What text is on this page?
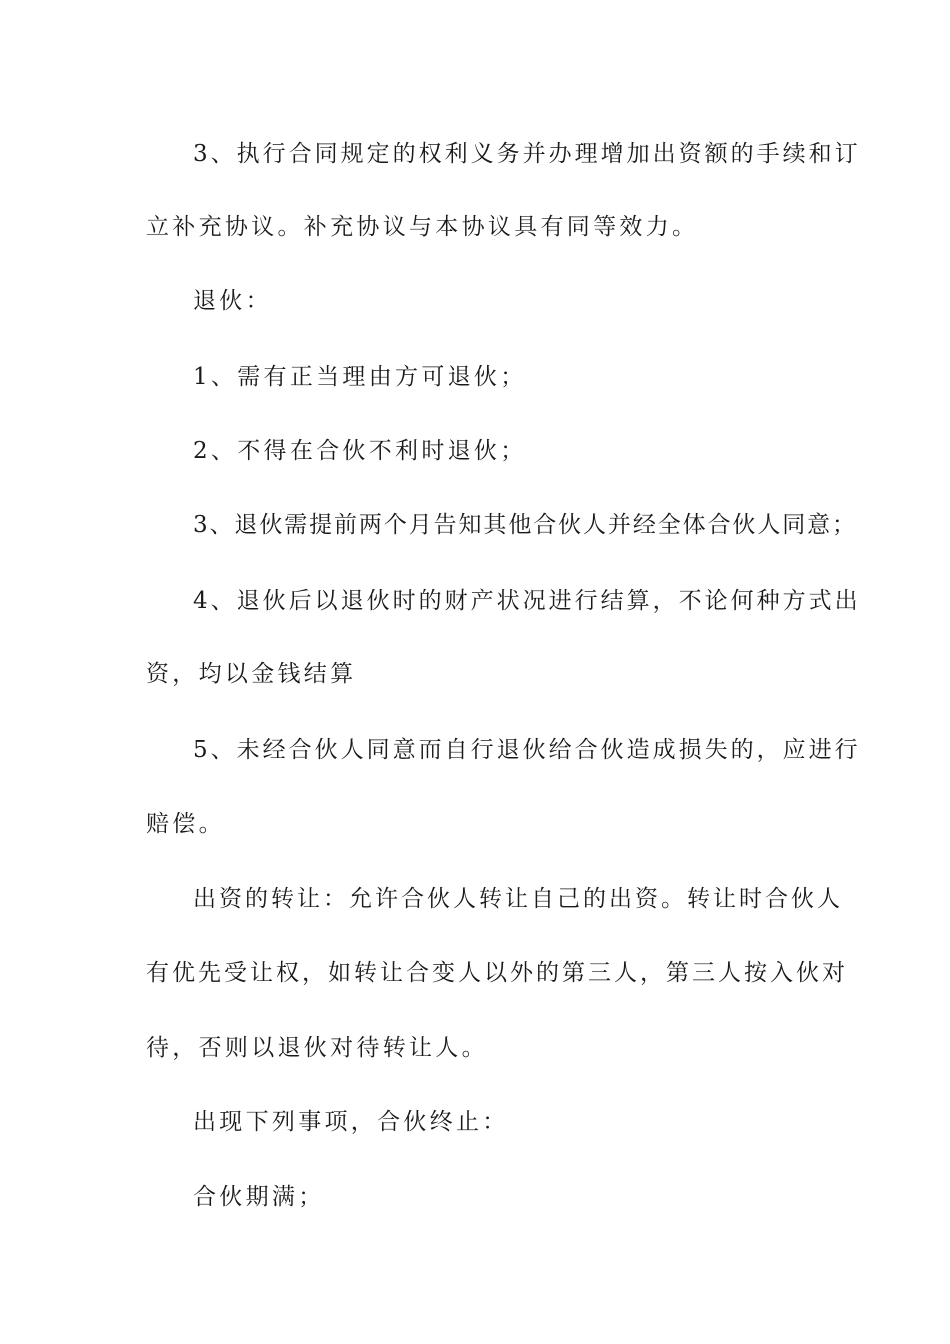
3、执行合同规定的权利义务并办理增加出资额的手续和订
立补充协议。补充协议与本协议具有同等效力。
退伙：
1、需有正当理由方可退伙；
2、不得在合伙不利时退伙；
3、退伙需提前两个月告知其他合伙人并经全体合伙人同意；
4、退伙后以退伙时的财产状况进行结算，不论何种方式出
资，均以金钱结算
5、未经合伙人同意而自行退伙给合伙造成损失的，应进行
赔偿。
出资的转让：允许合伙人转让自己的出资。转让时合伙人
有优先受让权，如转让合变人以外的第三人，第三人按入伙对
待，否则以退伙对待转让人。
出现下列事项，合伙终止：
合伙期满；
